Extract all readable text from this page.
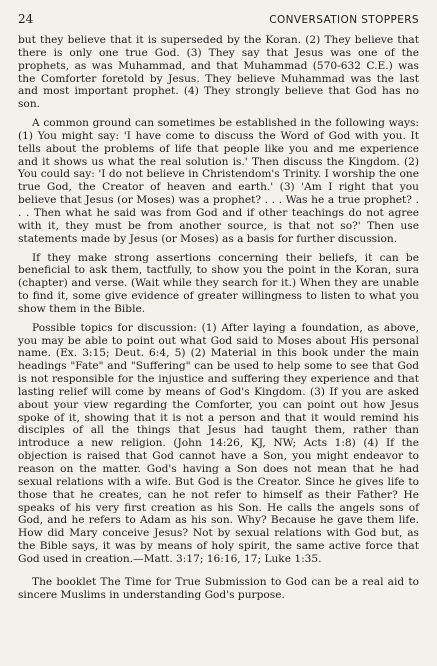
24	CONVERSATION STOPPERS

but they believe that it is superseded by the Koran. (2) They believe that there is only one true God. (3) They say that Jesus was one of the prophets, as was Muhammad, and that Muhammad (570-632 C.E.) was the Comforter foretold by Jesus. They believe Muhammad was the last and most important prophet. (4) They strongly believe that God has no son.

A common ground can sometimes be established in the following ways: (1) You might say: 'I have come to discuss the Word of God with you. It tells about the problems of life that people like you and me experience and it shows us what the real solution is.' Then discuss the Kingdom. (2) You could say: 'I do not believe in Christendom's Trinity. I worship the one true God, the Creator of heaven and earth.' (3) 'Am I right that you believe that Jesus (or Moses) was a prophet? . . . Was he a true prophet? . . . Then what he said was from God and if other teachings do not agree with it, they must be from another source, is that not so?' Then use statements made by Jesus (or Moses) as a basis for further discussion.

If they make strong assertions concerning their beliefs, it can be beneficial to ask them, tactfully, to show you the point in the Koran, sura (chapter) and verse. (Wait while they search for it.) When they are unable to find it, some give evidence of greater willingness to listen to what you show them in the Bible.

Possible topics for discussion: (1) After laying a foundation, as above, you may be able to point out what God said to Moses about His personal name. (Ex. 3:15; Deut. 6:4, 5) (2) Material in this book under the main headings "Fate" and "Suffering" can be used to help some to see that God is not responsible for the injustice and suffering they experience and that lasting relief will come by means of God's Kingdom. (3) If you are asked about your view regarding the Comforter, you can point out how Jesus spoke of it, showing that it is not a person and that it would remind his disciples of all the things that Jesus had taught them, rather than introduce a new religion. (John 14:26, KJ, NW; Acts 1:8) (4) If the objection is raised that God cannot have a Son, you might endeavor to reason on the matter. God's having a Son does not mean that he had sexual relations with a wife. But God is the Creator. Since he gives life to those that he creates, can he not refer to himself as their Father? He speaks of his very first creation as his Son. He calls the angels sons of God, and he refers to Adam as his son. Why? Because he gave them life. How did Mary conceive Jesus? Not by sexual relations with God but, as the Bible says, it was by means of holy spirit, the same active force that God used in creation.—Matt. 3:17; 16:16, 17; Luke 1:35.

The booklet The Time for True Submission to God can be a real aid to sincere Muslims in understanding God's purpose.
